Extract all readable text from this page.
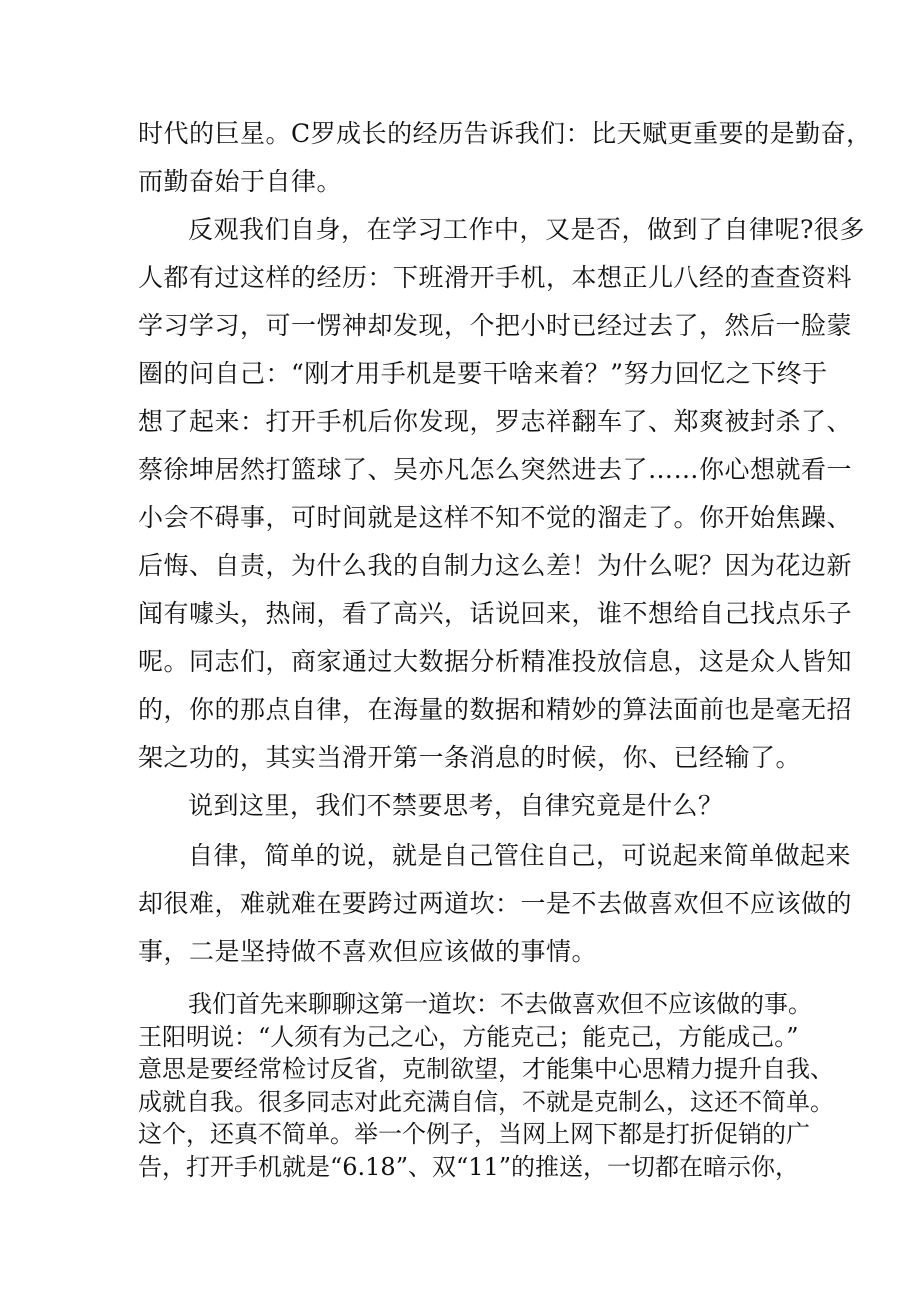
时代的巨星。C罗成长的经历告诉我们：比天赋更重要的是勤奋，
而勤奋始于自律。
反观我们自身，在学习工作中，又是否，做到了自律呢?很多
人都有过这样的经历：下班滑开手机，本想正儿八经的查查资料
学习学习，可一愣神却发现，个把小时已经过去了，然后一脸蒙
圈的问自己：“刚才用手机是要干啥来着？”努力回忆之下终于
想了起来：打开手机后你发现，罗志祥翻车了、郑爽被封杀了、
蔡徐坤居然打篮球了、吴亦凡怎么突然进去了……你心想就看一
小会不碍事，可时间就是这样不知不觉的溜走了。你开始焦躁、
后悔、自责，为什么我的自制力这么差！为什么呢？因为花边新
闻有噱头，热闹，看了高兴，话说回来，谁不想给自己找点乐子
呢。同志们，商家通过大数据分析精准投放信息，这是众人皆知
的，你的那点自律，在海量的数据和精妙的算法面前也是毫无招
架之功的，其实当滑开第一条消息的时候，你、已经输了。
说到这里，我们不禁要思考，自律究竟是什么？
自律，简单的说，就是自己管住自己，可说起来简单做起来
却很难，难就难在要跨过两道坎：一是不去做喜欢但不应该做的
事，二是坚持做不喜欢但应该做的事情。
我们首先来聊聊这第一道坎：不去做喜欢但不应该做的事。
王阳明说：“人须有为己之心，方能克己；能克己，方能成己。”
意思是要经常检讨反省，克制欲望，才能集中心思精力提升自我、
成就自我。很多同志对此充满自信，不就是克制么，这还不简单。
这个，还真不简单。举一个例子，当网上网下都是打折促销的广
告，打开手机就是“6.18”、双“11”的推送，一切都在暗示你，
